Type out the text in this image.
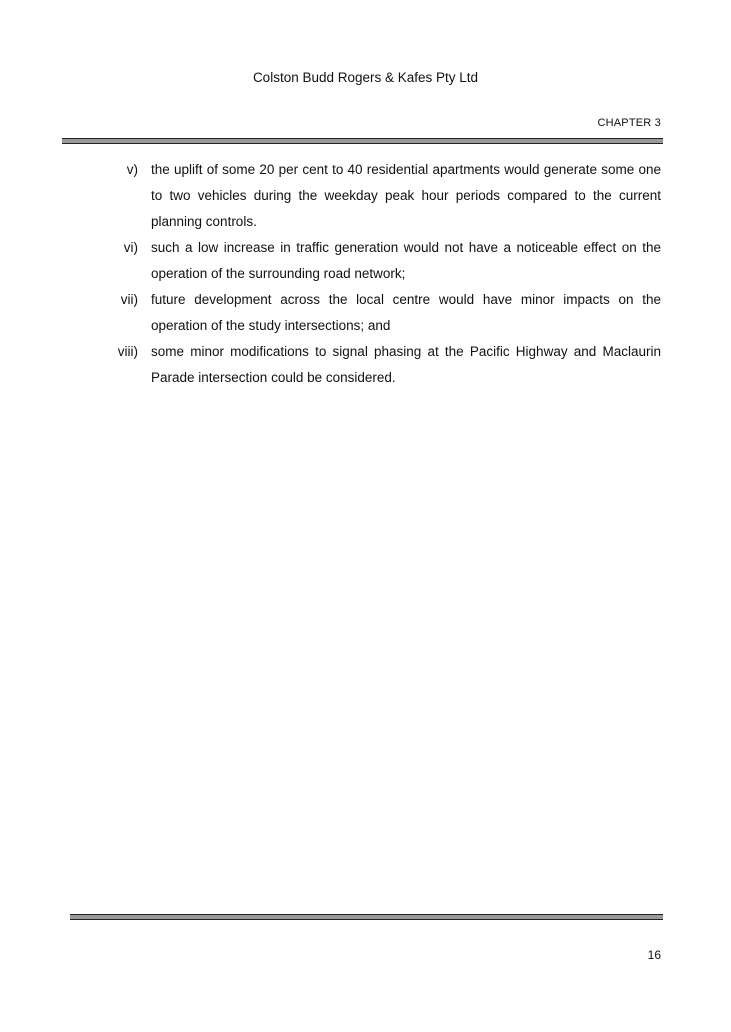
Colston Budd Rogers & Kafes Pty Ltd
CHAPTER 3
v) the uplift of some 20 per cent to 40 residential apartments would generate some one to two vehicles during the weekday peak hour periods compared to the current planning controls.
vi) such a low increase in traffic generation would not have a noticeable effect on the operation of the surrounding road network;
vii) future development across the local centre would have minor impacts on the operation of the study intersections; and
viii) some minor modifications to signal phasing at the Pacific Highway and Maclaurin Parade intersection could be considered.
16
